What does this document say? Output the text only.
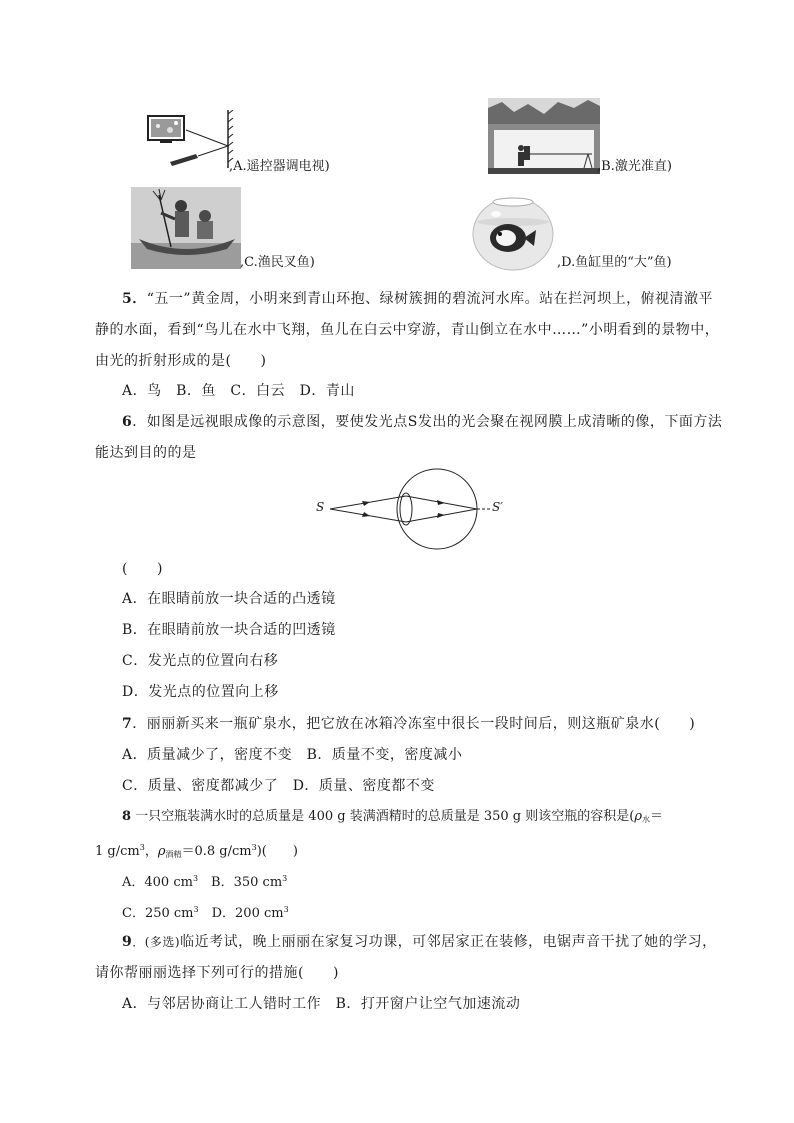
,A.遥控器调电视)	,B.激光准直)
,C.渔民叉鱼)	,D.鱼缸里的“大”鱼)
5．“五一”黄金周，小明来到青山环抱、绿树簇拥的碧流河水库。站在拦河坝上，俯视清澈平
静的水面，看到“鸟儿在水中飞翔，鱼儿在白云中穿游，青山倒立在水中……”小明看到的景物中，
由光的折射形成的是(　　)
A．鸟　B．鱼　C．白云　D．青山
6．如图是远视眼成像的示意图，要使发光点S发出的光会聚在视网膜上成清晰的像，下面方法
能达到目的的是
S	S′
(　　)
A．在眼睛前放一块合适的凸透镜
B．在眼睛前放一块合适的凹透镜
C．发光点的位置向右移
D．发光点的位置向上移
7．丽丽新买来一瓶矿泉水，把它放在冰箱冷冻室中很长一段时间后，则这瓶矿泉水(　　)
A．质量减少了，密度不变　B．质量不变，密度减小
C．质量、密度都减少了　D．质量、密度都不变
8 一只空瓶装满水时的总质量是 400 g 装满酒精时的总质量是 350 g 则该空瓶的容积是($\rho_水=$
1 $g/cm^3$，$\rho_{酒精}=0.8$ $g/cm^3$)(　　)
A．400 $cm^3$　B．350 $cm^3$
C．250 $cm^3$　D．200 $cm^3$
9．(多选)临近考试，晚上丽丽在家复习功课，可邻居家正在装修，电锯声音干扰了她的学习，
请你帮丽丽选择下列可行的措施(　　)
A．与邻居协商让工人错时工作　B．打开窗户让空气加速流动
